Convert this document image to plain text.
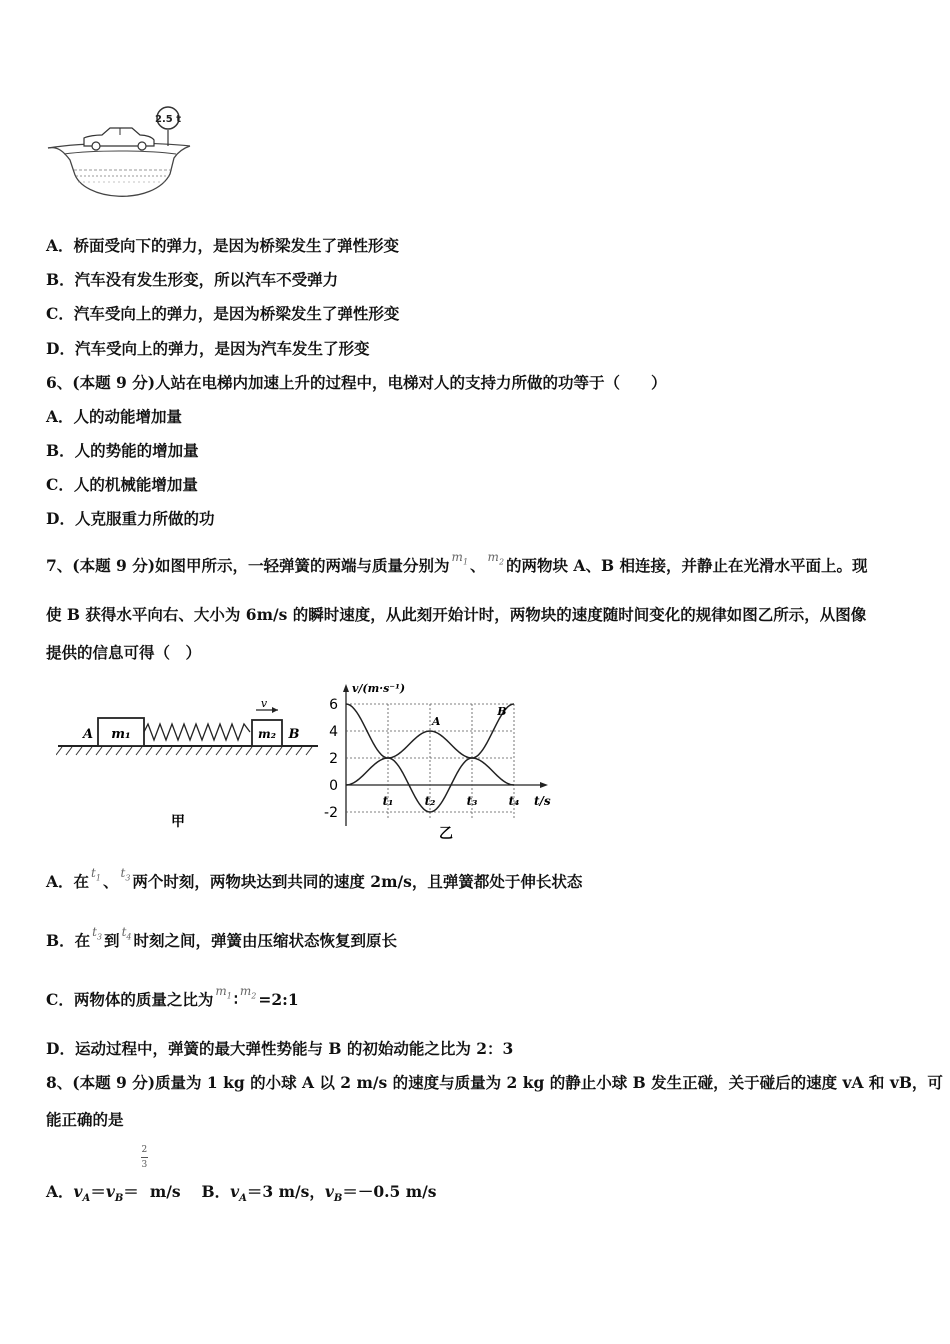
2.5 t
A．桥面受向下的弹力，是因为桥梁发生了弹性形变
B．汽车没有发生形变，所以汽车不受弹力
C．汽车受向上的弹力，是因为桥梁发生了弹性形变
D．汽车受向上的弹力，是因为汽车发生了形变
6、(本题 9 分)人站在电梯内加速上升的过程中，电梯对人的支持力所做的功等于（　　）
A．人的动能增加量
B．人的势能的增加量
C．人的机械能增加量
D．人克服重力所做的功
7、(本题 9 分)如图甲所示，一轻弹簧的两端与质量分别为 $m_1$ 、 $m_2$ 的两物块 A、B 相连接，并静止在光滑水平面上。现
使 B 获得水平向右、大小为 6m/s 的瞬时速度，从此刻开始计时，两物块的速度随时间变化的规律如图乙所示，从图像
提供的信息可得（　）
m₁
A	m₂ B
v
甲
v/(m·s⁻¹)
t/s
6
4
2
0
-2
t₁	t₂	t₃	t₄
A
B
乙
A．在 $t_1$ 、 $t_3$ 两个时刻，两物块达到共同的速度 2m/s，且弹簧都处于伸长状态
B．在 $t_3$ 到 $t_4$ 时刻之间，弹簧由压缩状态恢复到原长
C．两物体的质量之比为 $m_1$ ∶ $m_2$ =2:1
D．运动过程中，弹簧的最大弹性势能与 B 的初始动能之比为 2：3
8、(本题 9 分)质量为 1 kg 的小球 A 以 2 m/s 的速度与质量为 2 kg 的静止小球 B 发生正碰，关于碰后的速度 vA 和 vB，可
能正确的是
A．$v_A=v_B=$
$\frac{2}{3}$
m/s　 B．$v_A=3$ m/s，$v_B=-0.5$ m/s
